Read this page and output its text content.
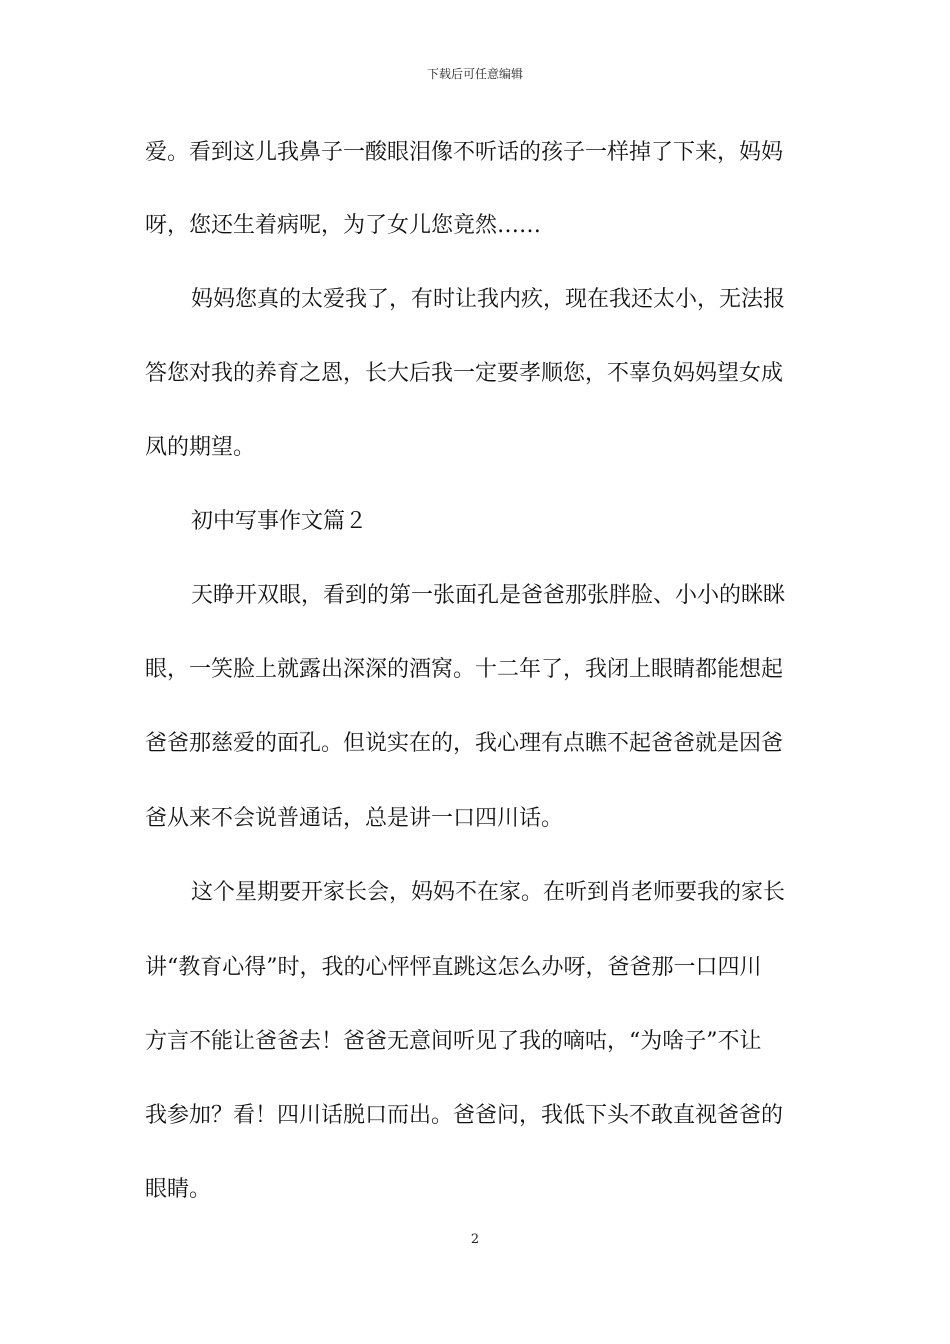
下载后可任意编辑
爱。看到这儿我鼻子一酸眼泪像不听话的孩子一样掉了下来，妈妈
呀，您还生着病呢，为了女儿您竟然……
妈妈您真的太爱我了，有时让我内疚，现在我还太小，无法报
答您对我的养育之恩，长大后我一定要孝顺您，不辜负妈妈望女成
凤的期望。
初中写事作文篇２
天睁开双眼，看到的第一张面孔是爸爸那张胖脸、小小的眯眯
眼，一笑脸上就露出深深的酒窝。十二年了，我闭上眼睛都能想起
爸爸那慈爱的面孔。但说实在的，我心理有点瞧不起爸爸就是因爸
爸从来不会说普通话，总是讲一口四川话。
这个星期要开家长会，妈妈不在家。在听到肖老师要我的家长
讲“教育心得”时，我的心怦怦直跳这怎么办呀，爸爸那一口四川
方言不能让爸爸去！爸爸无意间听见了我的嘀咕，“为啥子”不让
我参加？看！四川话脱口而出。爸爸问，我低下头不敢直视爸爸的
眼睛。
2
